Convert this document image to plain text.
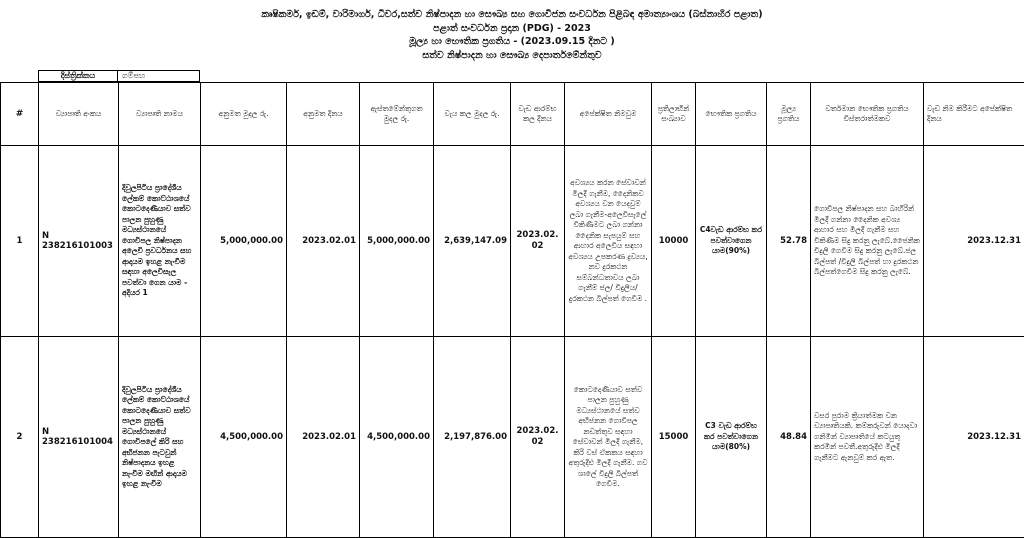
කෘෂිකර්ම, ඉඩම්, වාරිමාර්ග, ධීවර,සත්ව නිෂ්පාදන හා සෞඛ්‍ය සහ ගොවිජන සංවර්ධන පිළිබඳ අමාත්‍යාංශය (බස්නාහිර පළාත)
පළාත් සංවර්ධන ප්‍රදාන (PDG) - 2023
මූල්‍ය හා භෞතික ප්‍රගතිය - (2023.09.15 දිනට )
සත්ව නිෂ්පාදන හා සෞඛ්‍ය දෙපාර්තමේන්තුව
දිස්ත්‍රික්කය	ගම්පහ
#	ව්‍යාපෘති අංකය	ව්‍යාපෘති නාමය	අනුමත මුදල රු.	අනුමත දිනය	ඇස්තමේන්තුගත මුදල රු.	වැය කල මුදල රු.	වැඩ ආරම්භ කල දිනය	අපේක්ෂිත නිමවුම	ප්‍රතිලාභීන් සංඛ්‍යාව	භෞතික ප්‍රගතිය	මූල්‍ය ප්‍රගතිය	වර්තමාන භෞතික ප්‍රගතිය විස්තරාත්මකව	වැඩ නිම කිරීමට අපේක්ෂිත දිනය
1	N 238216101003	දිවුලපිටිය ප්‍රාදේශීය ලේකම් කොට්ඨාශයේ කොටදෙණියාව සත්ව පාලන පුහුණු මධ්‍යස්ථානයේ ගොවිපල නිෂ්පාදන අලෙවි ප්‍රවර්ධනය සහ ආදායම ඉහළ නැංවීම සඳහා අලෙවිසැල පවත්වා ගෙන යාම - අදියර 1	5,000,000.00	2023.02.01	5,000,000.00	2,639,147.09	2023.02.02	අවශ්‍යය කරන සේවාවන් මිලදී ගැනීම, දෛනිකව අවශ්‍යය වන යෙදවුම් ලබා ගැනීම-අලෙවිසැලේ විකිණීමට ලබා ගන්නා දෛනික සැපයුම් සහ ආහාර අලෙවිය සඳහා අවශ්‍යය උපකරණ ද්‍රව්‍යය, නව දුරකථන සම්බන්ධතාවය ලබා ගැනීම් ජල/ විදුලිය/ දුරකථන බිල්පත් ගෙවීම .	10000	C4වැඩ ආරම්භ කර පවත්වාගෙන යාම(90%)	52.78	ගොවිපල නිෂ්පාදන සහ බාහිරින් මිලදී ගන්නා දෛනික අවශ්‍ය ආහාර සහ මිලදී ගැනීම සහ විකිණීම සිදු කරනු ලැබේ.ජෛනික විදුලි ගෙවීම සිදු කරනු ලැබේ.ජල බිල්පත් /විදුලි බිල්පත් හා දුරකථන බිල්පත්ගෙවීම සිදු කරනු ලැබේ.	2023.12.31
2	N 238216101004	දිවුලපිටිය ප්‍රාදේශීය ලේකම් කොට්ඨාශයේ කොටදෙණියාව සත්ව පාලන පුහුණු මධ්‍යස්ථානයේ ගොවිපලේ කිරි සහ අභිජනන පැටවුන් නිෂ්පාදනය ඉහළ නැංවීම මඟින් ආදායම ඉහළ නැංවීම	4,500,000.00	2023.02.01	4,500,000.00	2,197,876.00	2023.02.02	කොටදෙණියාව සත්ව පාලන පුහුණු මධ්‍යස්ථානයේ සත්ව අභිජනන ගොවිපල නඩත්තුව සඳහා සේවාවන් මිලදී ගැනීම, කිරි වස් ඒකකය සඳහා අතුරුදිළු මිලදී ගැනීම. ගව ශාලේ විදුලි බිල්පත් ගෙවීම.	15000	C3 වැඩ ආරම්භ කර පවත්වාගෙන යාම(80%)	48.84	වසර පුරාම ක්‍රියාත්මක වන ව්‍යාපෘතියකි. කම්කරුවන් යොදවා ගනිමින් ව්‍යාපෘතියේ කටයුතු කරමින් පවතී.අතුරුදිළු මිලදී ගැනීමට ඇනවුම් කර ඇත.	2023.12.31
